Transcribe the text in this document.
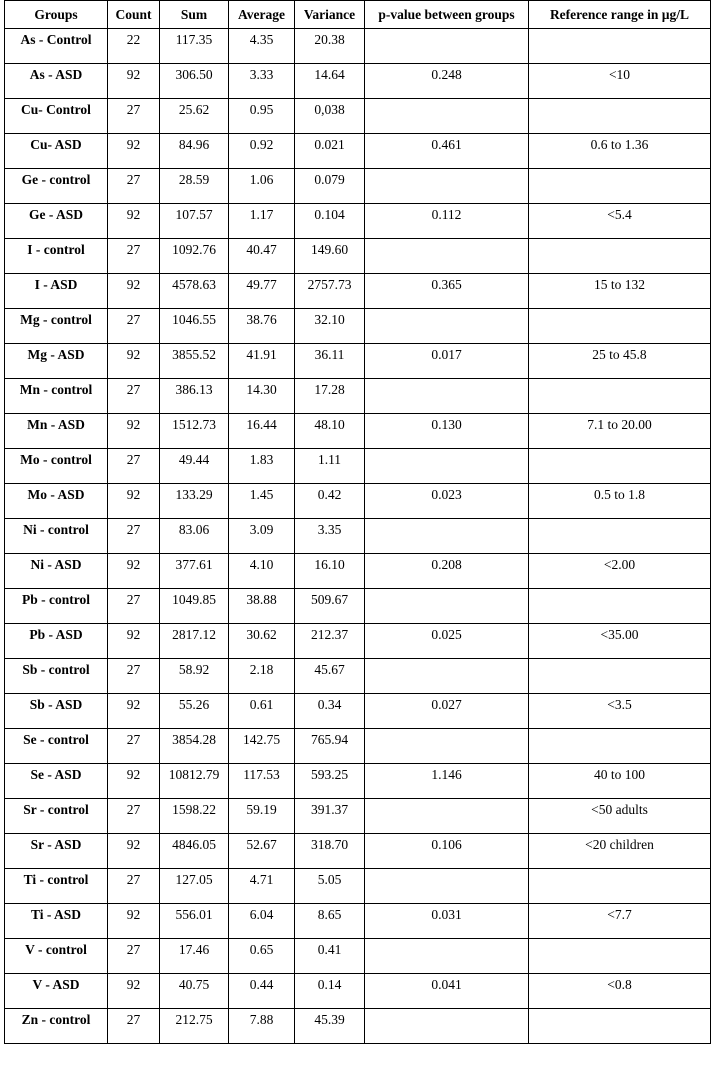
Groups	Count	Sum	Average	Variance	p-value between groups	Reference range in µg/L
As - Control	22	117.35	4.35	20.38		
As - ASD	92	306.50	3.33	14.64	0.248	<10
Cu- Control	27	25.62	0.95	0,038		
Cu- ASD	92	84.96	0.92	0.021	0.461	0.6 to 1.36
Ge - control	27	28.59	1.06	0.079		
Ge - ASD	92	107.57	1.17	0.104	0.112	<5.4
I - control	27	1092.76	40.47	149.60		
I - ASD	92	4578.63	49.77	2757.73	0.365	15 to 132
Mg - control	27	1046.55	38.76	32.10		
Mg - ASD	92	3855.52	41.91	36.11	0.017	25 to 45.8
Mn - control	27	386.13	14.30	17.28		
Mn - ASD	92	1512.73	16.44	48.10	0.130	7.1 to 20.00
Mo - control	27	49.44	1.83	1.11		
Mo - ASD	92	133.29	1.45	0.42	0.023	0.5 to 1.8
Ni - control	27	83.06	3.09	3.35		
Ni - ASD	92	377.61	4.10	16.10	0.208	<2.00
Pb - control	27	1049.85	38.88	509.67		
Pb - ASD	92	2817.12	30.62	212.37	0.025	<35.00
Sb - control	27	58.92	2.18	45.67		
Sb - ASD	92	55.26	0.61	0.34	0.027	<3.5
Se - control	27	3854.28	142.75	765.94		
Se - ASD	92	10812.79	117.53	593.25	1.146	40 to 100
Sr - control	27	1598.22	59.19	391.37		<50 adults
Sr - ASD	92	4846.05	52.67	318.70	0.106	<20 children
Ti - control	27	127.05	4.71	5.05		
Ti - ASD	92	556.01	6.04	8.65	0.031	<7.7
V - control	27	17.46	0.65	0.41		
V - ASD	92	40.75	0.44	0.14	0.041	<0.8
Zn - control	27	212.75	7.88	45.39		
